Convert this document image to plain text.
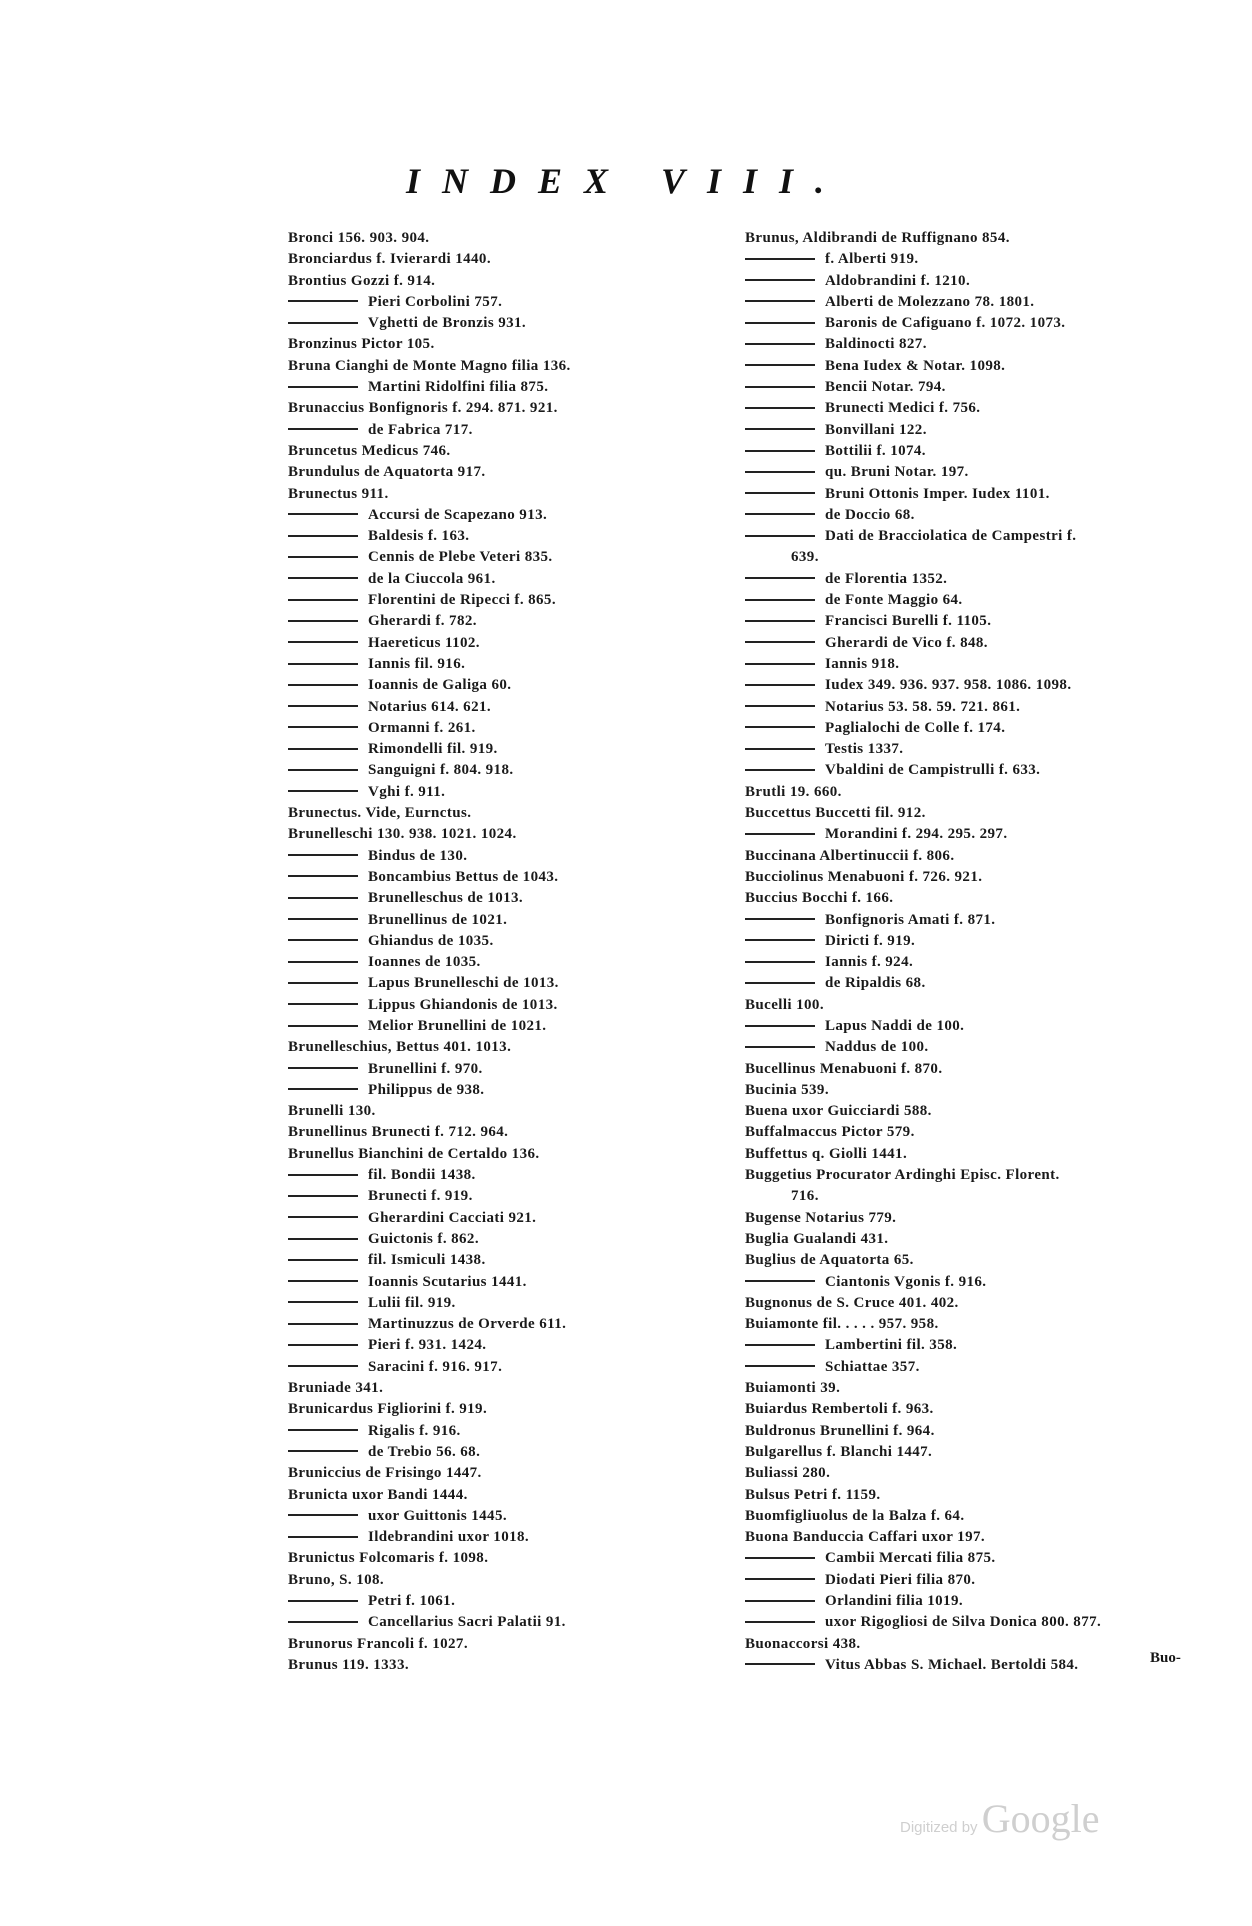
INDEX VIII.
Bronci 156. 903. 904.
Bronciardus f. Ivierardi 1440.
Brontius Gozzi f. 914.
Pieri Corbolini 757.
Vghetti de Bronzis 931.
Bronzinus Pictor 105.
Bruna Cianghi de Monte Magno filia 136.
Martini Ridolfini filia 875.
Brunaccius Bonfignoris f. 294. 871. 921.
de Fabrica 717.
Bruncetus Medicus 746.
Brundulus de Aquatorta 917.
Brunectus 911.
Accursi de Scapezano 913.
Baldesis f. 163.
Cennis de Plebe Veteri 835.
de la Ciuccola 961.
Florentini de Ripecci f. 865.
Gherardi f. 782.
Haereticus 1102.
Iannis fil. 916.
Ioannis de Galiga 60.
Notarius 614. 621.
Ormanni f. 261.
Rimondelli fil. 919.
Sanguigni f. 804. 918.
Vghi f. 911.
Brunectus. Vide, Eurnctus.
Brunelleschi 130. 938. 1021. 1024.
Bindus de 130.
Boncambius Bettus de 1043.
Brunelleschus de 1013.
Brunellinus de 1021.
Ghiandus de 1035.
Ioannes de 1035.
Lapus Brunelleschi de 1013.
Lippus Ghiandonis de 1013.
Melior Brunellini de 1021.
Brunelleschius, Bettus 401. 1013.
Brunellini f. 970.
Philippus de 938.
Brunelli 130.
Brunellinus Brunecti f. 712. 964.
Brunellus Bianchini de Certaldo 136.
fil. Bondii 1438.
Brunecti f. 919.
Gherardini Cacciati 921.
Guictonis f. 862.
fil. Ismiculi 1438.
Ioannis Scutarius 1441.
Lulii fil. 919.
Martinuzzus de Orverde 611.
Pieri f. 931. 1424.
Saracini f. 916. 917.
Bruniade 341.
Brunicardus Figliorini f. 919.
Rigalis f. 916.
de Trebio 56. 68.
Bruniccius de Frisingo 1447.
Brunicta uxor Bandi 1444.
uxor Guittonis 1445.
Ildebrandini uxor 1018.
Brunictus Folcomaris f. 1098.
Bruno, S. 108.
Petri f. 1061.
Cancellarius Sacri Palatii 91.
Brunorus Francoli f. 1027.
Brunus 119. 1333.
Brunus, Aldibrandi de Ruffignano 854.
f. Alberti 919.
Aldobrandini f. 1210.
Alberti de Molezzano 78. 1801.
Baronis de Cafiguano f. 1072. 1073.
Baldinocti 827.
Bena Iudex & Notar. 1098.
Bencii Notar. 794.
Brunecti Medici f. 756.
Bonvillani 122.
Bottilii f. 1074.
qu. Bruni Notar. 197.
Bruni Ottonis Imper. Iudex 1101.
de Doccio 68.
Dati de Bracciolatica de Campestri f.
639.
de Florentia 1352.
de Fonte Maggio 64.
Francisci Burelli f. 1105.
Gherardi de Vico f. 848.
Iannis 918.
Iudex 349. 936. 937. 958. 1086. 1098.
Notarius 53. 58. 59. 721. 861.
Paglialochi de Colle f. 174.
Testis 1337.
Vbaldini de Campistrulli f. 633.
Brutli 19. 660.
Buccettus Buccetti fil. 912.
Morandini f. 294. 295. 297.
Buccinana Albertinuccii f. 806.
Bucciolinus Menabuoni f. 726. 921.
Buccius Bocchi f. 166.
Bonfignoris Amati f. 871.
Diricti f. 919.
Iannis f. 924.
de Ripaldis 68.
Bucelli 100.
Lapus Naddi de 100.
Naddus de 100.
Bucellinus Menabuoni f. 870.
Bucinia 539.
Buena uxor Guicciardi 588.
Buffalmaccus Pictor 579.
Buffettus q. Giolli 1441.
Buggetius Procurator Ardinghi Episc. Florent.
716.
Bugense Notarius 779.
Buglia Gualandi 431.
Buglius de Aquatorta 65.
Ciantonis Vgonis f. 916.
Bugnonus de S. Cruce 401. 402.
Buiamonte fil. . . . . 957. 958.
Lambertini fil. 358.
Schiattae 357.
Buiamonti 39.
Buiardus Rembertoli f. 963.
Buldronus Brunellini f. 964.
Bulgarellus f. Blanchi 1447.
Buliassi 280.
Bulsus Petri f. 1159.
Buomfigliuolus de la Balza f. 64.
Buona Banduccia Caffari uxor 197.
Cambii Mercati filia 875.
Diodati Pieri filia 870.
Orlandini filia 1019.
uxor Rigogliosi de Silva Donica 800. 877.
Buonaccorsi 438.
Vitus Abbas S. Michael. Bertoldi 584.	Buo-
Digitized by Google
